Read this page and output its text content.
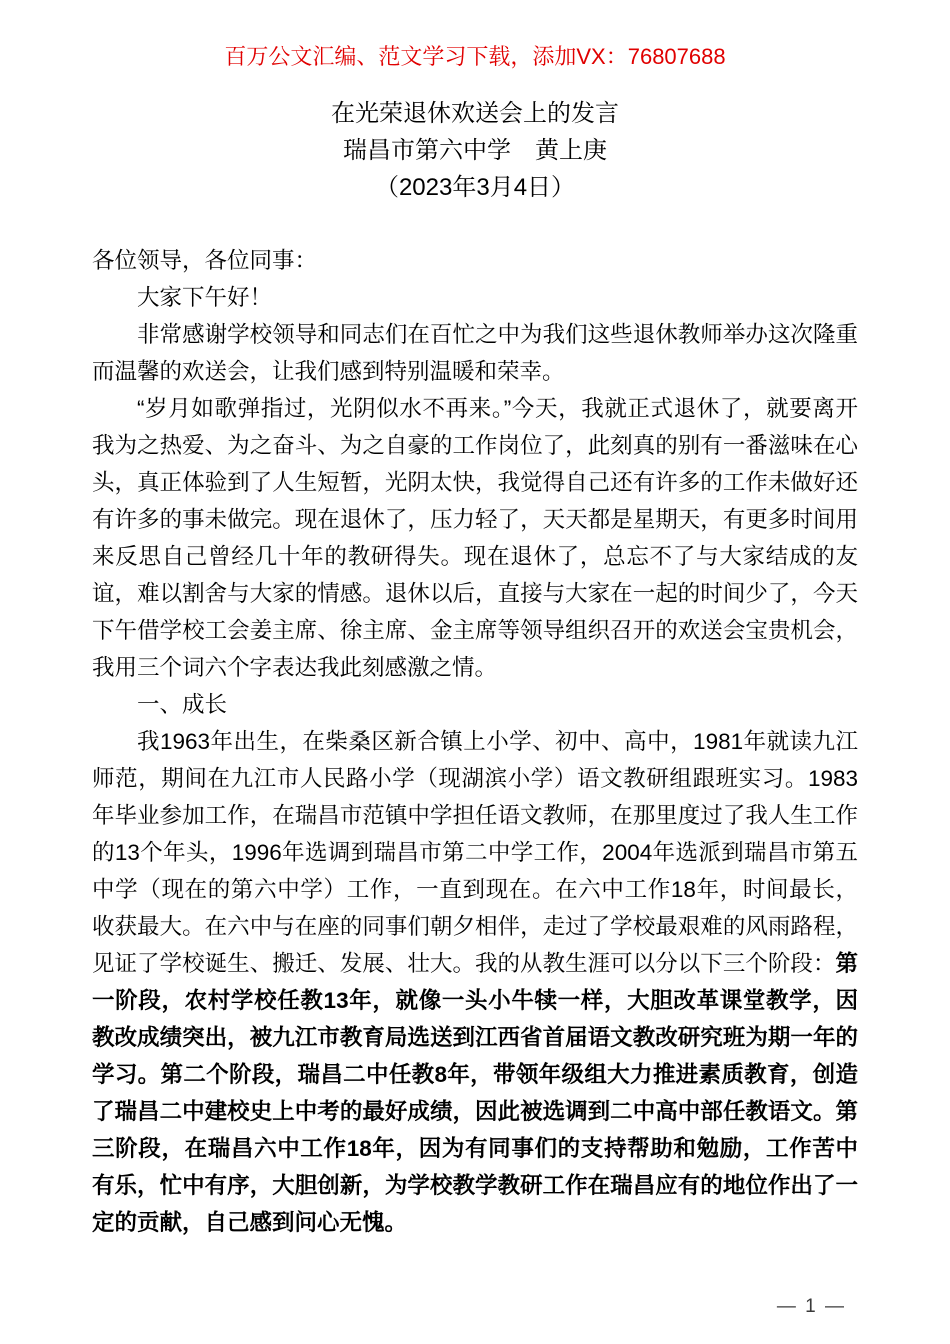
百万公文汇编、范文学习下载，添加VX：76807688
在光荣退休欢送会上的发言
瑞昌市第六中学　黄上庚
（2023年3月4日）

各位领导，各位同事：

大家下午好！

非常感谢学校领导和同志们在百忙之中为我们这些退休教师举办这次隆重而温馨的欢送会，让我们感到特别温暖和荣幸。

“岁月如歌弹指过，光阴似水不再来。”今天，我就正式退休了，就要离开我为之热爱、为之奋斗、为之自豪的工作岗位了，此刻真的别有一番滋味在心头，真正体验到了人生短暂，光阴太快，我觉得自己还有许多的工作未做好还有许多的事未做完。现在退休了，压力轻了，天天都是星期天，有更多时间用来反思自己曾经几十年的教研得失。现在退休了，总忘不了与大家结成的友谊，难以割舍与大家的情感。退休以后，直接与大家在一起的时间少了，今天下午借学校工会姜主席、徐主席、金主席等领导组织召开的欢送会宝贵机会，我用三个词六个字表达我此刻感激之情。

一、成长

我1963年出生，在柴桑区新合镇上小学、初中、高中，1981年就读九江师范，期间在九江市人民路小学（现湖滨小学）语文教研组跟班实习。1983年毕业参加工作，在瑞昌市范镇中学担任语文教师，在那里度过了我人生工作的13个年头，1996年选调到瑞昌市第二中学工作，2004年选派到瑞昌市第五中学（现在的第六中学）工作，一直到现在。在六中工作18年，时间最长，收获最大。在六中与在座的同事们朝夕相伴，走过了学校最艰难的风雨路程，见证了学校诞生、搬迁、发展、壮大。我的从教生涯可以分以下三个阶段：第一阶段，农村学校任教13年，就像一头小牛犊一样，大胆改革课堂教学，因教改成绩突出，被九江市教育局选送到江西省首届语文教改研究班为期一年的学习。第二个阶段，瑞昌二中任教8年，带领年级组大力推进素质教育，创造了瑞昌二中建校史上中考的最好成绩，因此被选调到二中高中部任教语文。第三阶段，在瑞昌六中工作18年，因为有同事们的支持帮助和勉励，工作苦中有乐，忙中有序，大胆创新，为学校教学教研工作在瑞昌应有的地位作出了一定的贡献，自己感到问心无愧。

— 1 —
